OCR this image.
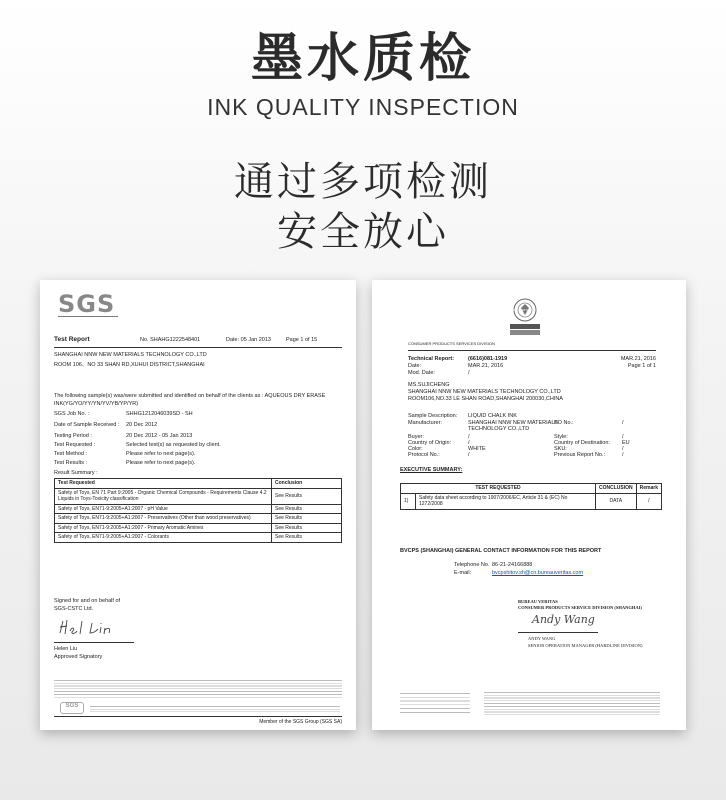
墨水质检
INK QUALITY INSPECTION
通过多项检测
安全放心
SGS
Test Report	No. SHAHG1222548401	Date: 05 Jan 2013	Page 1 of 15
SHANGHAI NNW NEW MATERIALS TECHNOLOGY CO.,LTD
ROOM 106、NO 33 SHAN RD,XUHUI DISTRICT,SHANGHAI
The following sample(s) was/were submitted and identified on behalf of the clients as : AQUEOUS DRY ERASE
INK(YG/YO/YY/YN/YV/YB/YP/YR)
SGS Job No. :	SHHG1212046039SD - SH
Date of Sample Received : 20 Dec 2012
Testing Period :	20 Dec 2012 - 05 Jan 2013
Test Requested :	Selected test(s) as requested by client.
Test Method :	Please refer to next page(s).
Test Results :	Please refer to next page(s).
Result Summary :
Test Requested	Conclusion
Safety of Toys, EN 71 Part 9:2005 - Organic Chemical Compounds - Requirements Clause 4.2 Liquids in Toys-Toxicity classification	See Results
Safety of Toys, EN71-9:2005+A1:2007 - pH Value	See Results
Safety of Toys, EN71-9:2005+A1:2007 - Preservatives (Other than wood preservatives)	See Results
Safety of Toys, EN71-9:2005+A1:2007 - Primary Aromatic Amines	See Results
Safety of Toys, EN71-9:2005+A1:2007 - Colorants	See Results
Signed for and on behalf of
SGS-CSTC Ltd.
Helen Liu
Approved Signatory
SGS
Member of the SGS Group (SGS SA)
BUREAU VERITAS
CONSUMER PRODUCTS SERVICES DIVISION
Technical Report:	(6616)081-1919	MAR.21, 2016
Page 1 of 1
Date:	MAR.21, 2016
Mod. Date:	/
MS.SUJICHENG
SHANGHAI NNW NEW MATERIALS TECHNOLOGY CO.,LTD
ROOM106,NO.33 LE SHAN ROAD,SHANGHAI 200030,CHINA
Sample Description: LIQUID CHALK INK
Manufacturer:	SHANGHAI NNW NEW MATERIALS
TECHNOLOGY CO.,LTD
Buyer:	/
Country of Origin:	/
Color:	WHITE
Protocol No.:	/
PO No.:	/
Style:	/
Country of Destination: EU
SKU:	/
Previous Report No.:	/
EXECUTIVE SUMMARY:
TEST REQUESTED		CONCLUSION	Remark
1)	Safety data sheet according to 1907/2006/EC, Article 31 & (EC) No 1272/2008	DATA	/
BVCPS (SHANGHAI) GENERAL CONTACT INFORMATION FOR THIS REPORT
Telephone No. 86-21-24166888
E-mail:	bvcpshitov.sh@cn.bureauveritas.com
BUREAU VERITAS
CONSUMER PRODUCTS SERVICE DIVISION (SHANGHAI)
Andy Wang
ANDY WANG
SENIOR OPERATION MANAGER (HARDLINE DIVISION)
